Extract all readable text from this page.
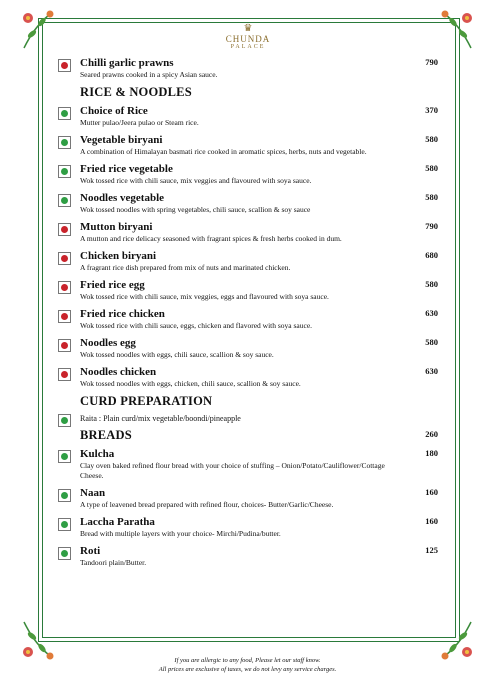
♛
CHUNDA
PALACE
Chilli garlic prawns
Seared prawns cooked in a spicy Asian sauce.
790
RICE & NOODLES
Choice of Rice
Mutter pulao/Jeera pulao or Steam rice.
370
Vegetable biryani
A combination of Himalayan basmati rice cooked in aromatic spices, herbs, nuts and vegetable.
580
Fried rice vegetable
Wok tossed rice with chili sauce, mix veggies and flavoured with soya sauce.
580
Noodles vegetable
Wok tossed noodles with spring vegetables, chili sauce, scallion & soy sauce
580
Mutton biryani
A mutton and rice delicacy seasoned with fragrant spices & fresh herbs cooked in dum.
790
Chicken biryani
A fragrant rice dish prepared from mix of nuts and marinated chicken.
680
Fried rice egg
Wok tossed rice with chili sauce, mix veggies, eggs and flavoured with soya sauce.
580
Fried rice chicken
Wok tossed rice with chili sauce, eggs, chicken and flavored with soya sauce.
630
Noodles egg
Wok tossed noodles with eggs, chili sauce, scallion & soy sauce.
580
Noodles chicken
Wok tossed noodles with eggs, chicken, chili sauce, scallion & soy sauce.
630
CURD PREPARATION
Raita : Plain curd/mix vegetable/boondi/pineapple
260
BREADS
Kulcha
Clay oven baked refined flour bread with your choice of stuffing – Onion/Potato/Cauliflower/Cottage Cheese.
180
Naan
A type of leavened bread prepared with refined flour, choices- Butter/Garlic/Cheese.
160
Laccha Paratha
Bread with multiple layers with your choice- Mirchi/Pudina/butter.
160
Roti
Tandoori plain/Butter.
125
If you are allergic to any food, Please let our staff know.
All prices are exclusive of taxes, we do not levy any service charges.
